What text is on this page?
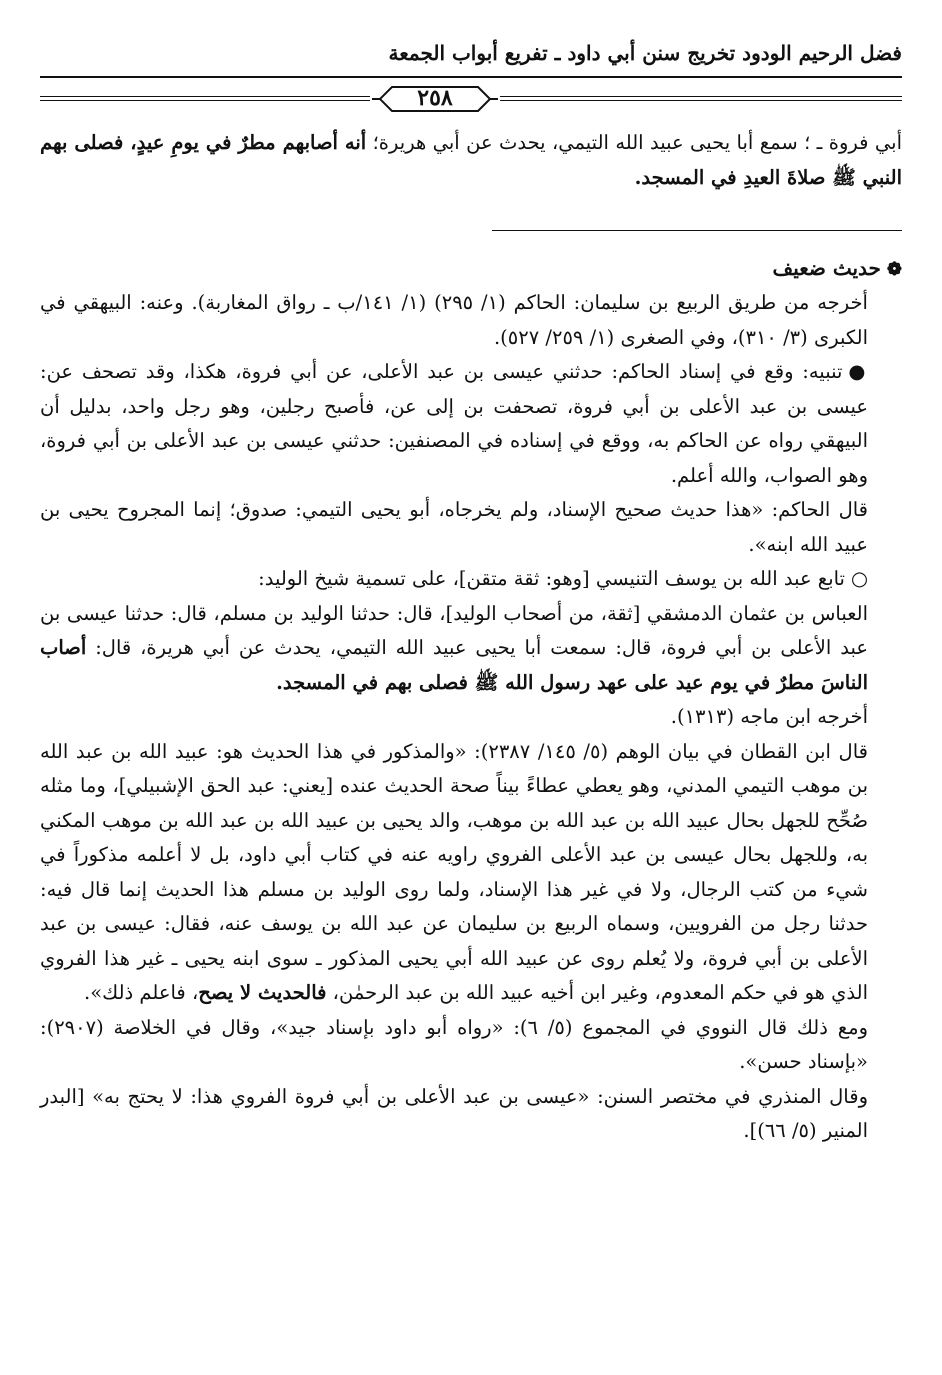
فضل الرحيم الودود تخريج سنن أبي داود ـ تفريع أبواب الجمعة
٢٥٨

أبي فروة ـ ؛ سمع أبا يحيى عبيد الله التيمي، يحدث عن أبي هريرة؛ أنه أصابهم مطرٌ في يومِ عيدٍ، فصلى بهم النبي ﷺ صلاةَ العيدِ في المسجد.

❁حديث ضعيف

أخرجه من طريق الربيع بن سليمان: الحاكم (١/ ٢٩٥) (١/ ١٤١/ب ـ رواق المغاربة). وعنه: البيهقي في الكبرى (٣/ ٣١٠)، وفي الصغرى (١/ ٢٥٩/ ٥٢٧).

●تنبيه: وقع في إسناد الحاكم: حدثني عيسى بن عبد الأعلى، عن أبي فروة، هكذا، وقد تصحف عن: عيسى بن عبد الأعلى بن أبي فروة، تصحفت بن إلى عن، فأصبح رجلين، وهو رجل واحد، بدليل أن البيهقي رواه عن الحاكم به، ووقع في إسناده في المصنفين: حدثني عيسى بن عبد الأعلى بن أبي فروة، وهو الصواب، والله أعلم.

قال الحاكم: «هذا حديث صحيح الإسناد، ولم يخرجاه، أبو يحيى التيمي: صدوق؛ إنما المجروح يحيى بن عبيد الله ابنه».

○تابع عبد الله بن يوسف التنيسي [وهو: ثقة متقن]، على تسمية شيخ الوليد:

العباس بن عثمان الدمشقي [ثقة، من أصحاب الوليد]، قال: حدثنا الوليد بن مسلم، قال: حدثنا عيسى بن عبد الأعلى بن أبي فروة، قال: سمعت أبا يحيى عبيد الله التيمي، يحدث عن أبي هريرة، قال: أصاب الناسَ مطرٌ في يوم عيد على عهد رسول الله ﷺ فصلى بهم في المسجد.

أخرجه ابن ماجه (١٣١٣).

قال ابن القطان في بيان الوهم (٥/ ١٤٥/ ٢٣٨٧): «والمذكور في هذا الحديث هو: عبيد الله بن عبد الله بن موهب التيمي المدني، وهو يعطي عطاءً بيناً صحة الحديث عنده [يعني: عبد الحق الإشبيلي]، وما مثله صُحِّح للجهل بحال عبيد الله بن عبد الله بن موهب، والد يحيى بن عبيد الله بن عبد الله بن موهب المكني به، وللجهل بحال عيسى بن عبد الأعلى الفروي راويه عنه في كتاب أبي داود، بل لا أعلمه مذكوراً في شيء من كتب الرجال، ولا في غير هذا الإسناد، ولما روى الوليد بن مسلم هذا الحديث إنما قال فيه: حدثنا رجل من الفرويين، وسماه الربيع بن سليمان عن عبد الله بن يوسف عنه، فقال: عيسى بن عبد الأعلى بن أبي فروة، ولا يُعلم روى عن عبيد الله أبي يحيى المذكور ـ سوى ابنه يحيى ـ غير هذا الفروي الذي هو في حكم المعدوم، وغير ابن أخيه عبيد الله بن عبد الرحمٰن، فالحديث لا يصح، فاعلم ذلك».

ومع ذلك قال النووي في المجموع (٥/ ٦): «رواه أبو داود بإسناد جيد»، وقال في الخلاصة (٢٩٠٧): «بإسناد حسن».

وقال المنذري في مختصر السنن: «عيسى بن عبد الأعلى بن أبي فروة الفروي هذا: لا يحتج به» [البدر المنير (٥/ ٦٦)].
